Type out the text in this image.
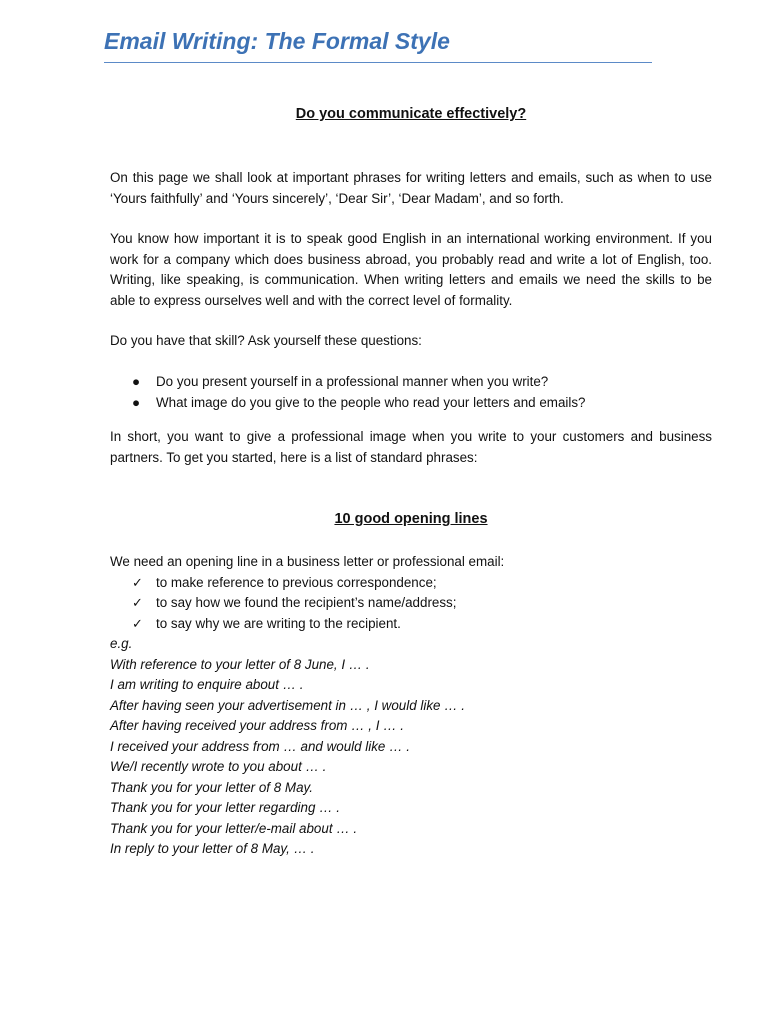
Email Writing: The Formal Style
Do you communicate effectively?

On this page we shall look at important phrases for writing letters and emails, such as when to use ‘Yours faithfully’ and ‘Yours sincerely’, ‘Dear Sir’, ‘Dear Madam’, and so forth.

You know how important it is to speak good English in an international working environment. If you work for a company which does business abroad, you probably read and write a lot of English, too. Writing, like speaking, is communication. When writing letters and emails we need the skills to be able to express ourselves well and with the correct level of formality.

Do you have that skill? Ask yourself these questions:

● Do you present yourself in a professional manner when you write?
● What image do you give to the people who read your letters and emails?

In short, you want to give a professional image when you write to your customers and business partners. To get you started, here is a list of standard phrases:

10 good opening lines

We need an opening line in a business letter or professional email:

✓ to make reference to previous correspondence;
✓ to say how we found the recipient’s name/address;
✓ to say why we are writing to the recipient.
e.g.
With reference to your letter of 8 June, I … .
I am writing to enquire about … .
After having seen your advertisement in … , I would like … .
After having received your address from … , I … .
I received your address from … and would like … .
We/I recently wrote to you about … .
Thank you for your letter of 8 May.
Thank you for your letter regarding … .
Thank you for your letter/e-mail about … .
In reply to your letter of 8 May, … .
